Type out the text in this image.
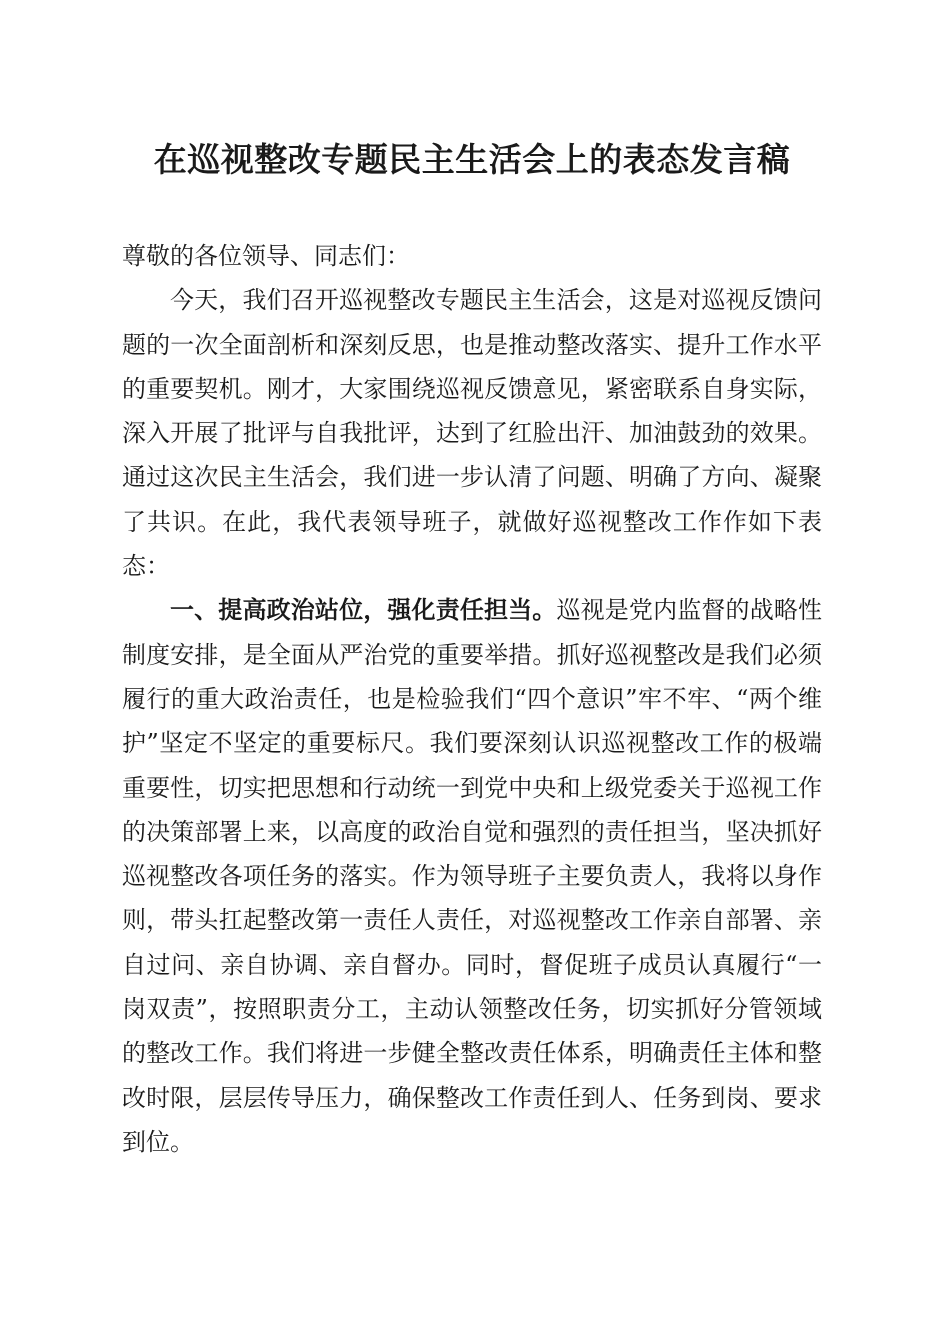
在巡视整改专题民主生活会上的表态发言稿

尊敬的各位领导、同志们：

今天，我们召开巡视整改专题民主生活会，这是对巡视反馈问题的一次全面剖析和深刻反思，也是推动整改落实、提升工作水平的重要契机。刚才，大家围绕巡视反馈意见，紧密联系自身实际，深入开展了批评与自我批评，达到了红脸出汗、加油鼓劲的效果。通过这次民主生活会，我们进一步认清了问题、明确了方向、凝聚了共识。在此，我代表领导班子，就做好巡视整改工作作如下表态：

一、提高政治站位，强化责任担当。巡视是党内监督的战略性制度安排，是全面从严治党的重要举措。抓好巡视整改是我们必须履行的重大政治责任，也是检验我们“四个意识”牢不牢、“两个维护”坚定不坚定的重要标尺。我们要深刻认识巡视整改工作的极端重要性，切实把思想和行动统一到党中央和上级党委关于巡视工作的决策部署上来，以高度的政治自觉和强烈的责任担当，坚决抓好巡视整改各项任务的落实。作为领导班子主要负责人，我将以身作则，带头扛起整改第一责任人责任，对巡视整改工作亲自部署、亲自过问、亲自协调、亲自督办。同时，督促班子成员认真履行“一岗双责”，按照职责分工，主动认领整改任务，切实抓好分管领域的整改工作。我们将进一步健全整改责任体系，明确责任主体和整改时限，层层传导压力，确保整改工作责任到人、任务到岗、要求到位。
